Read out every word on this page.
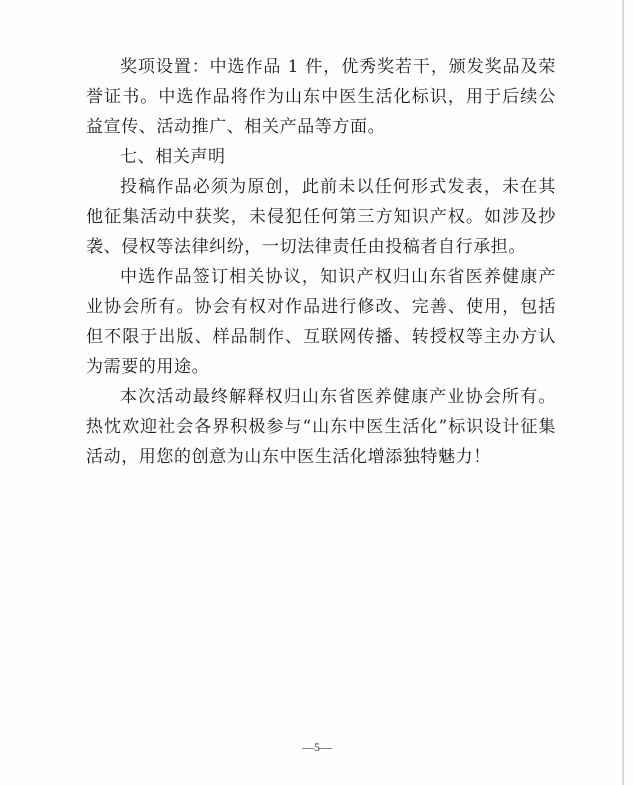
奖项设置：中选作品 1 件，优秀奖若干，颁发奖品及荣誉证书。中选作品将作为山东中医生活化标识，用于后续公益宣传、活动推广、相关产品等方面。

七、相关声明

投稿作品必须为原创，此前未以任何形式发表，未在其他征集活动中获奖，未侵犯任何第三方知识产权。如涉及抄袭、侵权等法律纠纷，一切法律责任由投稿者自行承担。

中选作品签订相关协议，知识产权归山东省医养健康产业协会所有。协会有权对作品进行修改、完善、使用，包括但不限于出版、样品制作、互联网传播、转授权等主办方认为需要的用途。

本次活动最终解释权归山东省医养健康产业协会所有。热忱欢迎社会各界积极参与“山东中医生活化”标识设计征集活动，用您的创意为山东中医生活化增添独特魅力！

—5—
